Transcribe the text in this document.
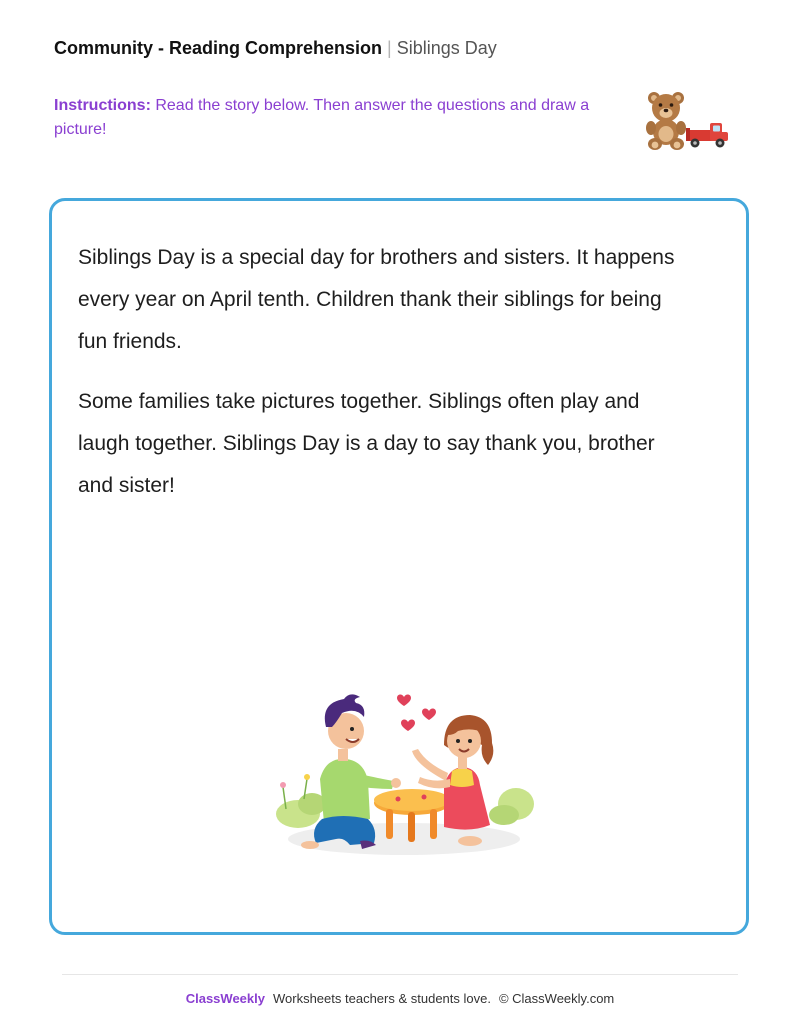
Community - Reading Comprehension | Siblings Day
Instructions: Read the story below. Then answer the questions and draw a picture!

Siblings Day is a special day for brothers and sisters. It happens every year on April tenth. Children thank their siblings for being fun friends.

Some families take pictures together. Siblings often play and laugh together. Siblings Day is a day to say thank you, brother and sister!

ClassWeekly Worksheets teachers & students love. © ClassWeekly.com
